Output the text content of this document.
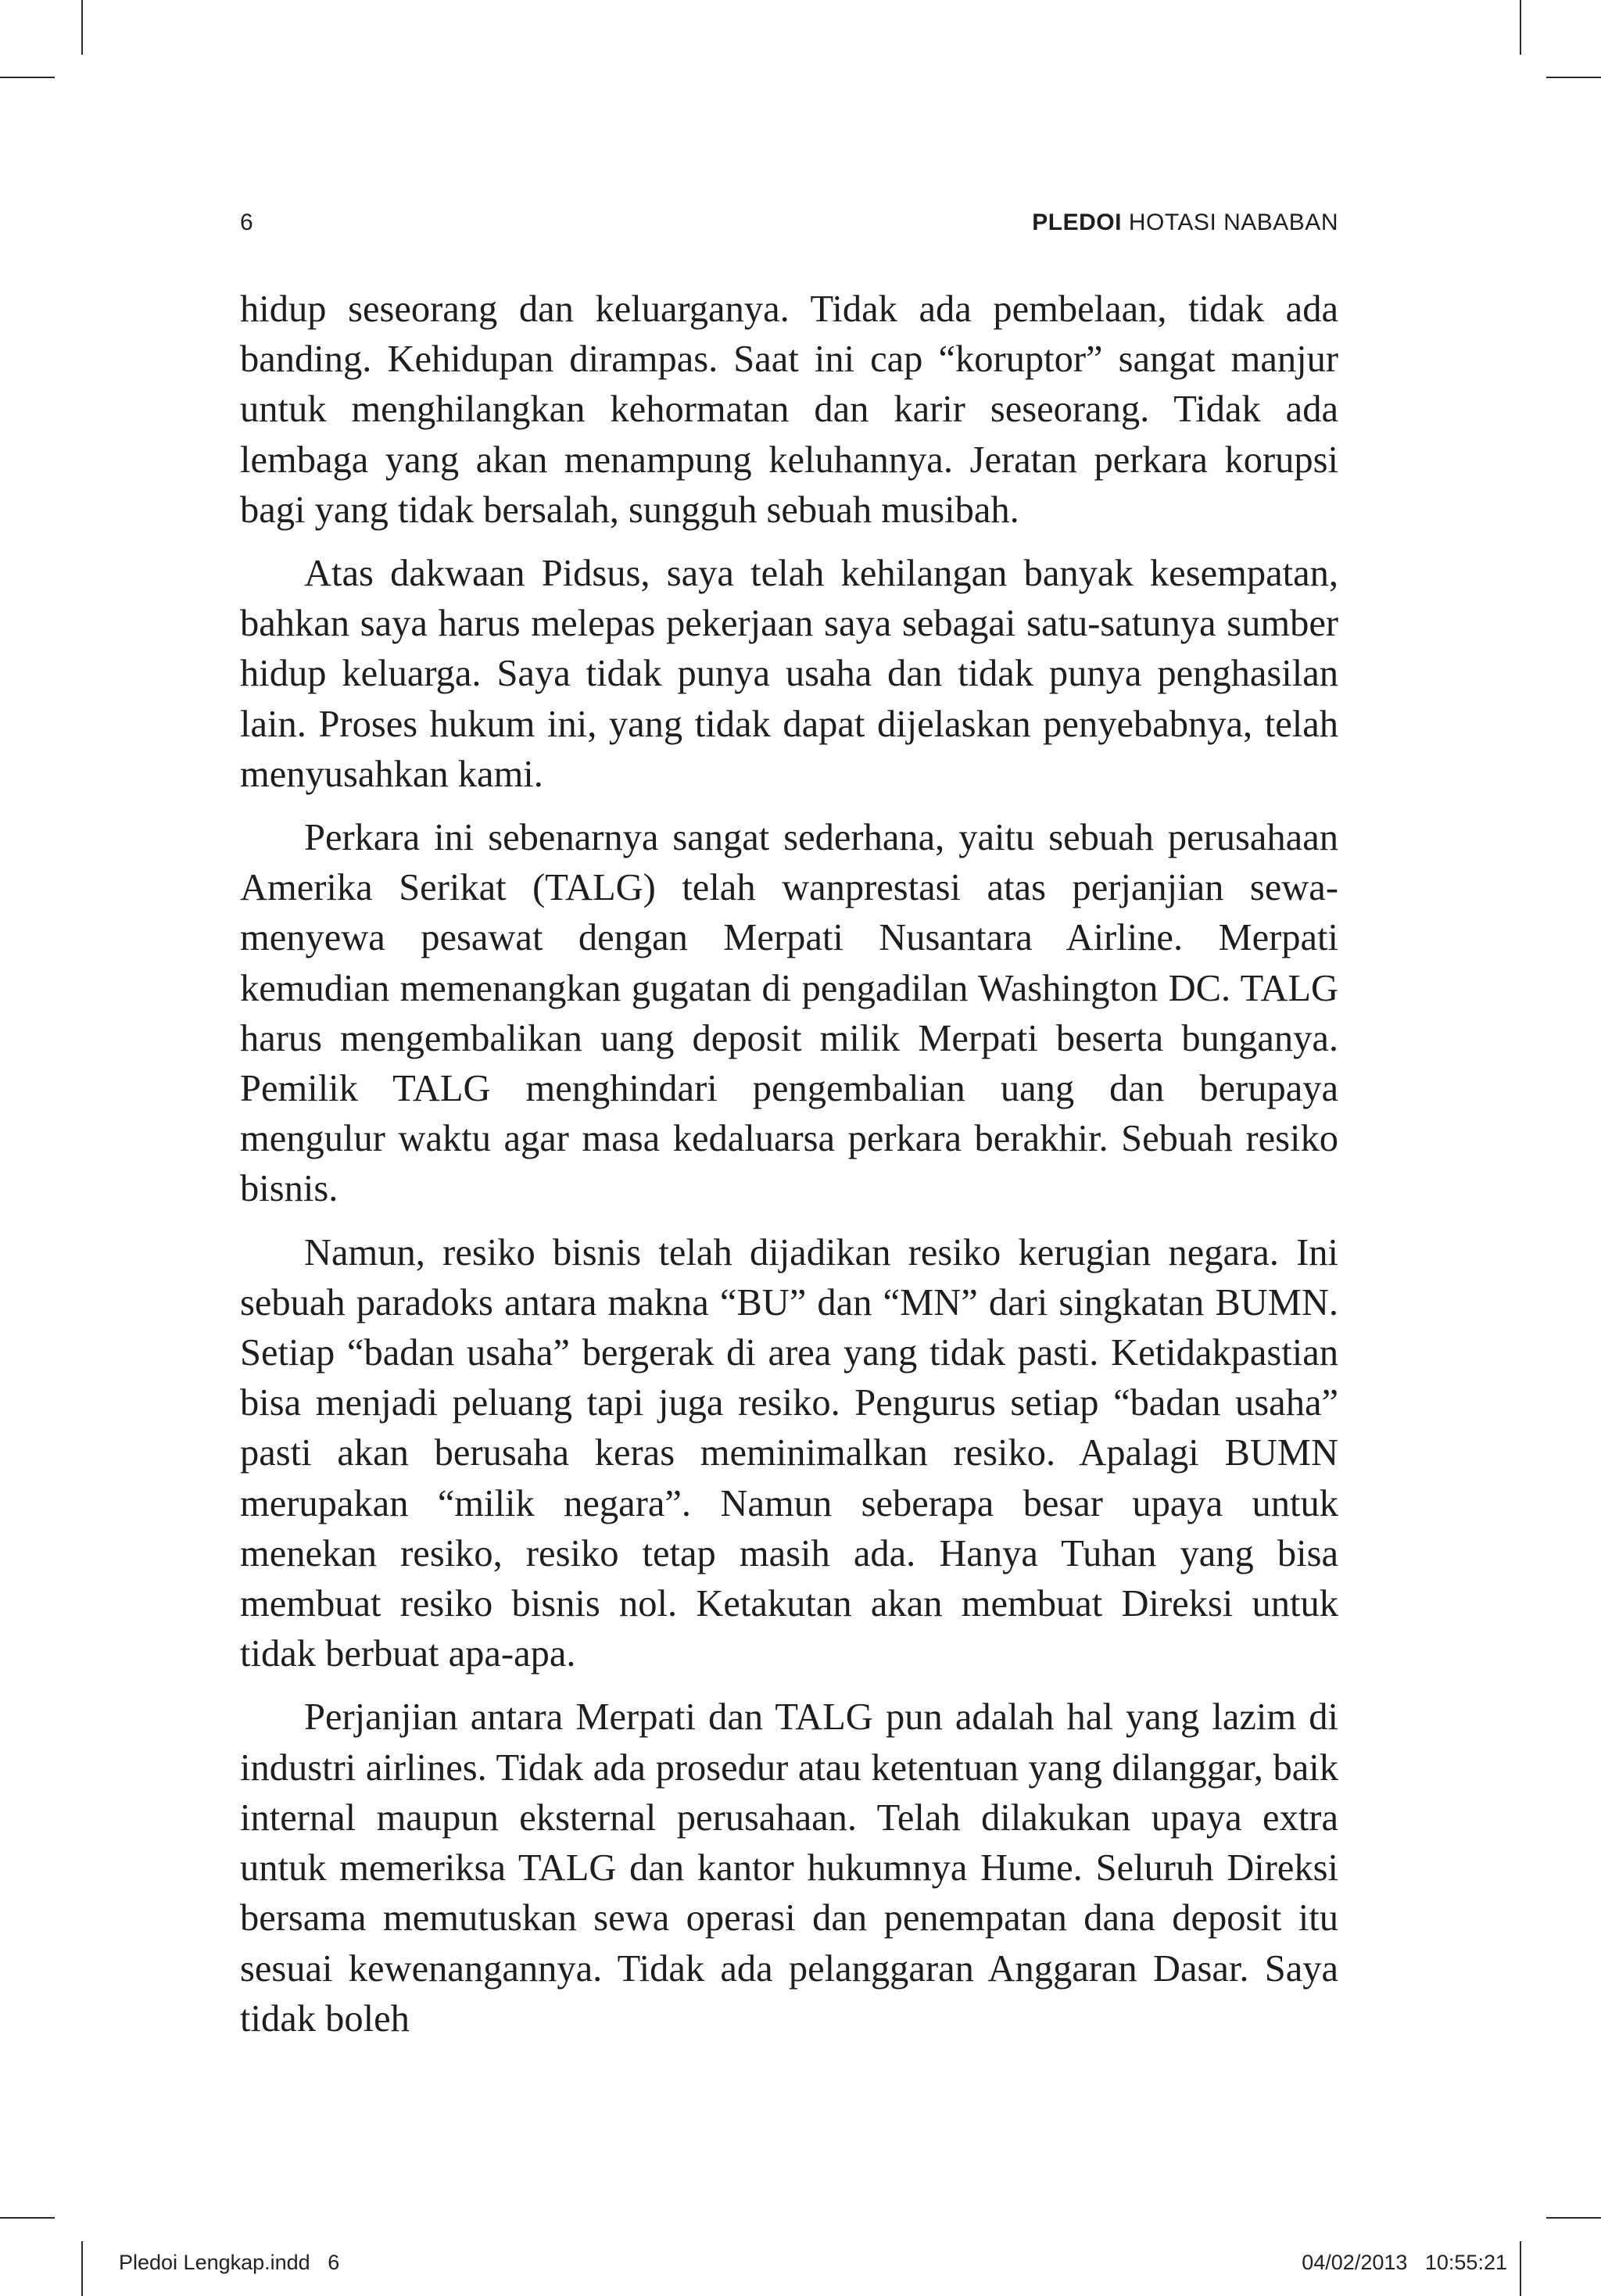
6	PLEDOI HOTASI NABABAN

hidup seseorang dan keluarganya. Tidak ada pembelaan, tidak ada banding. Kehidupan dirampas. Saat ini cap “koruptor” sangat manjur untuk menghilangkan kehormatan dan karir seseorang. Tidak ada lembaga yang akan menampung keluhannya. Jeratan perkara korupsi bagi yang tidak bersalah, sungguh sebuah musibah.

Atas dakwaan Pidsus, saya telah kehilangan banyak kesempatan, bahkan saya harus melepas pekerjaan saya sebagai satu-satunya sumber hidup keluarga. Saya tidak punya usaha dan tidak punya penghasilan lain. Proses hukum ini, yang tidak dapat dijelaskan penyebabnya, telah menyusahkan kami.

Perkara ini sebenarnya sangat sederhana, yaitu sebuah perusahaan Amerika Serikat (TALG) telah wanprestasi atas perjanjian sewa-menyewa pesawat dengan Merpati Nusantara Airline. Merpati kemudian memenangkan gugatan di pengadilan Washington DC. TALG harus mengembalikan uang deposit milik Merpati beserta bunganya. Pemilik TALG menghindari pengembalian uang dan berupaya mengulur waktu agar masa kedaluarsa perkara berakhir. Sebuah resiko bisnis.

Namun, resiko bisnis telah dijadikan resiko kerugian negara. Ini sebuah paradoks antara makna “BU” dan “MN” dari singkatan BUMN. Setiap “badan usaha” bergerak di area yang tidak pasti. Ketidakpastian bisa menjadi peluang tapi juga resiko. Pengurus setiap “badan usaha” pasti akan berusaha keras meminimalkan resiko. Apalagi BUMN merupakan “milik negara”. Namun seberapa besar upaya untuk menekan resiko, resiko tetap masih ada. Hanya Tuhan yang bisa membuat resiko bisnis nol. Ketakutan akan membuat Direksi untuk tidak berbuat apa-apa.

Perjanjian antara Merpati dan TALG pun adalah hal yang lazim di industri airlines. Tidak ada prosedur atau ketentuan yang dilanggar, baik internal maupun eksternal perusahaan. Telah dilakukan upaya extra untuk memeriksa TALG dan kantor hukumnya Hume. Seluruh Direksi bersama memutuskan sewa operasi dan penempatan dana deposit itu sesuai kewenangannya. Tidak ada pelanggaran Anggaran Dasar. Saya tidak boleh

Pledoi Lengkap.indd   6	04/02/2013   10:55:21
